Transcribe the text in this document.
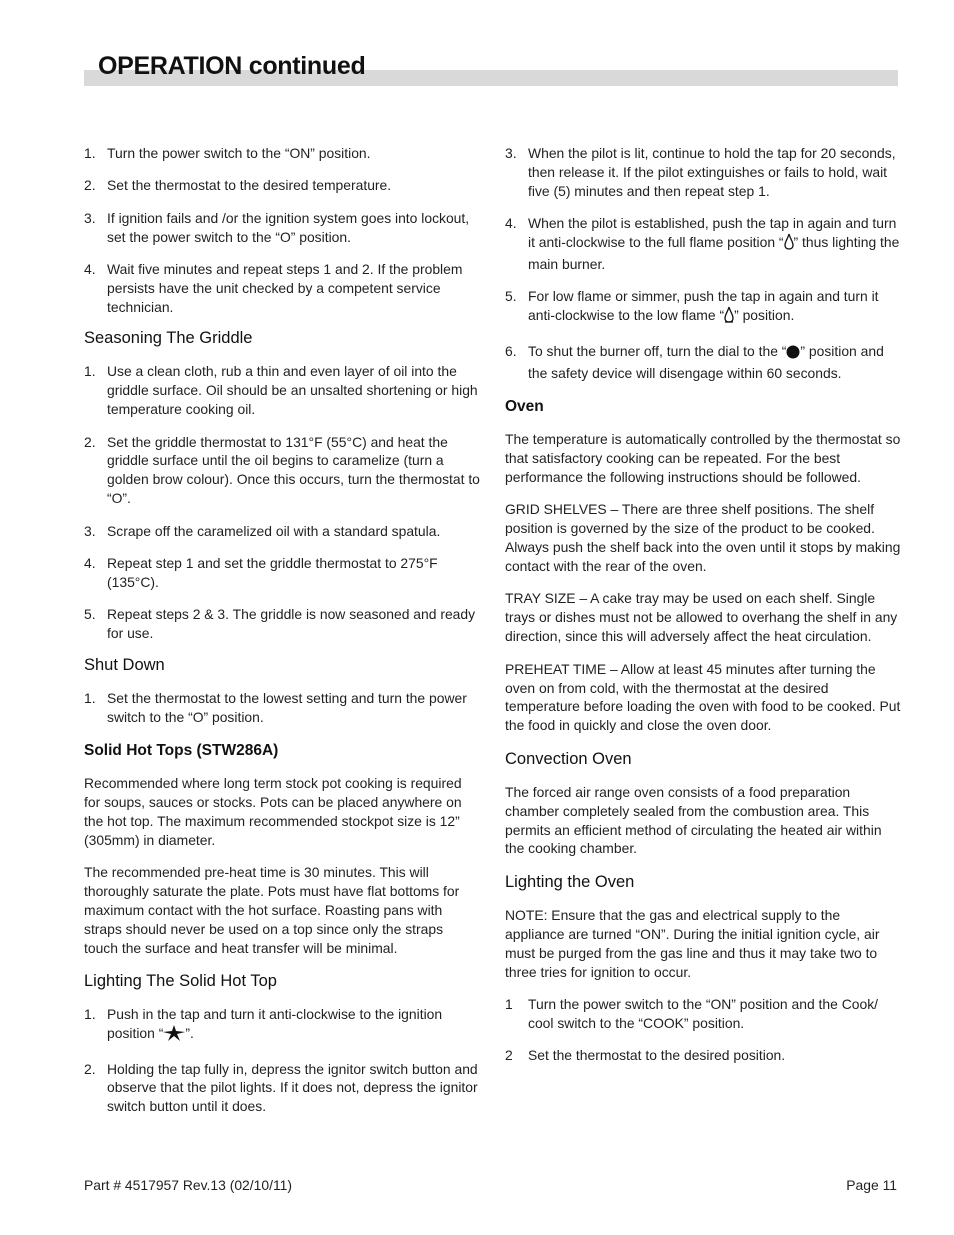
OPERATION continued
1. Turn the power switch to the “ON” position.
2. Set the thermostat to the desired temperature.
3. If ignition fails and /or the ignition system goes into lockout, set the power switch to the “O” position.
4. Wait five minutes and repeat steps 1 and 2. If the problem persists have the unit checked by a competent service technician.
Seasoning The Griddle
1. Use a clean cloth, rub a thin and even layer of oil into the griddle surface. Oil should be an unsalted shortening or high temperature cooking oil.
2. Set the griddle thermostat to 131°F (55°C) and heat the griddle surface until the oil begins to caramelize (turn a golden brow colour). Once this occurs, turn the thermostat to “O”.
3. Scrape off the caramelized oil with a standard spatula.
4. Repeat step 1 and set the griddle thermostat to 275°F (135°C).
5. Repeat steps 2 & 3. The griddle is now seasoned and ready for use.
Shut Down
1. Set the thermostat to the lowest setting and turn the power switch to the “O” position.
Solid Hot Tops (STW286A)

Recommended where long term stock pot cooking is required for soups, sauces or stocks. Pots can be placed anywhere on the hot top. The maximum recommended stockpot size is 12” (305mm) in diameter.

The recommended pre-heat time is 30 minutes. This will thoroughly saturate the plate. Pots must have flat bottoms for maximum contact with the hot surface. Roasting pans with straps should never be used on a top since only the straps touch the surface and heat transfer will be minimal.

Lighting The Solid Hot Top
1. Push in the tap and turn it anti-clockwise to the ignition position “ ”.
2. Holding the tap fully in, depress the ignitor switch button and observe that the pilot lights. If it does not, depress the ignitor switch button until it does.
3. When the pilot is lit, continue to hold the tap for 20 seconds, then release it. If the pilot extinguishes or fails to hold, wait five (5) minutes and then repeat step 1.
4. When the pilot is established, push the tap in again and turn it anti-clockwise to the full flame position “ ” thus lighting the main burner.
5. For low flame or simmer, push the tap in again and turn it anti-clockwise to the low flame “ ” position.
6. To shut the burner off, turn the dial to the “ ” position and the safety device will disengage within 60 seconds.
Oven

The temperature is automatically controlled by the thermostat so that satisfactory cooking can be repeated. For the best performance the following instructions should be followed.

GRID SHELVES – There are three shelf positions. The shelf position is governed by the size of the product to be cooked. Always push the shelf back into the oven until it stops by making contact with the rear of the oven.

TRAY SIZE – A cake tray may be used on each shelf. Single trays or dishes must not be allowed to overhang the shelf in any direction, since this will adversely affect the heat circulation.

PREHEAT TIME – Allow at least 45 minutes after turning the oven on from cold, with the thermostat at the desired temperature before loading the oven with food to be cooked. Put the food in quickly and close the oven door.

Convection Oven

The forced air range oven consists of a food preparation chamber completely sealed from the combustion area. This permits an efficient method of circulating the heated air within the cooking chamber.

Lighting the Oven

NOTE: Ensure that the gas and electrical supply to the appliance are turned “ON”. During the initial ignition cycle, air must be purged from the gas line and thus it may take two to three tries for ignition to occur.

1 Turn the power switch to the “ON” position and the Cook/ cool switch to the “COOK” position.
2 Set the thermostat to the desired position.
Part # 4517957 Rev.13 (02/10/11)	Page 11
